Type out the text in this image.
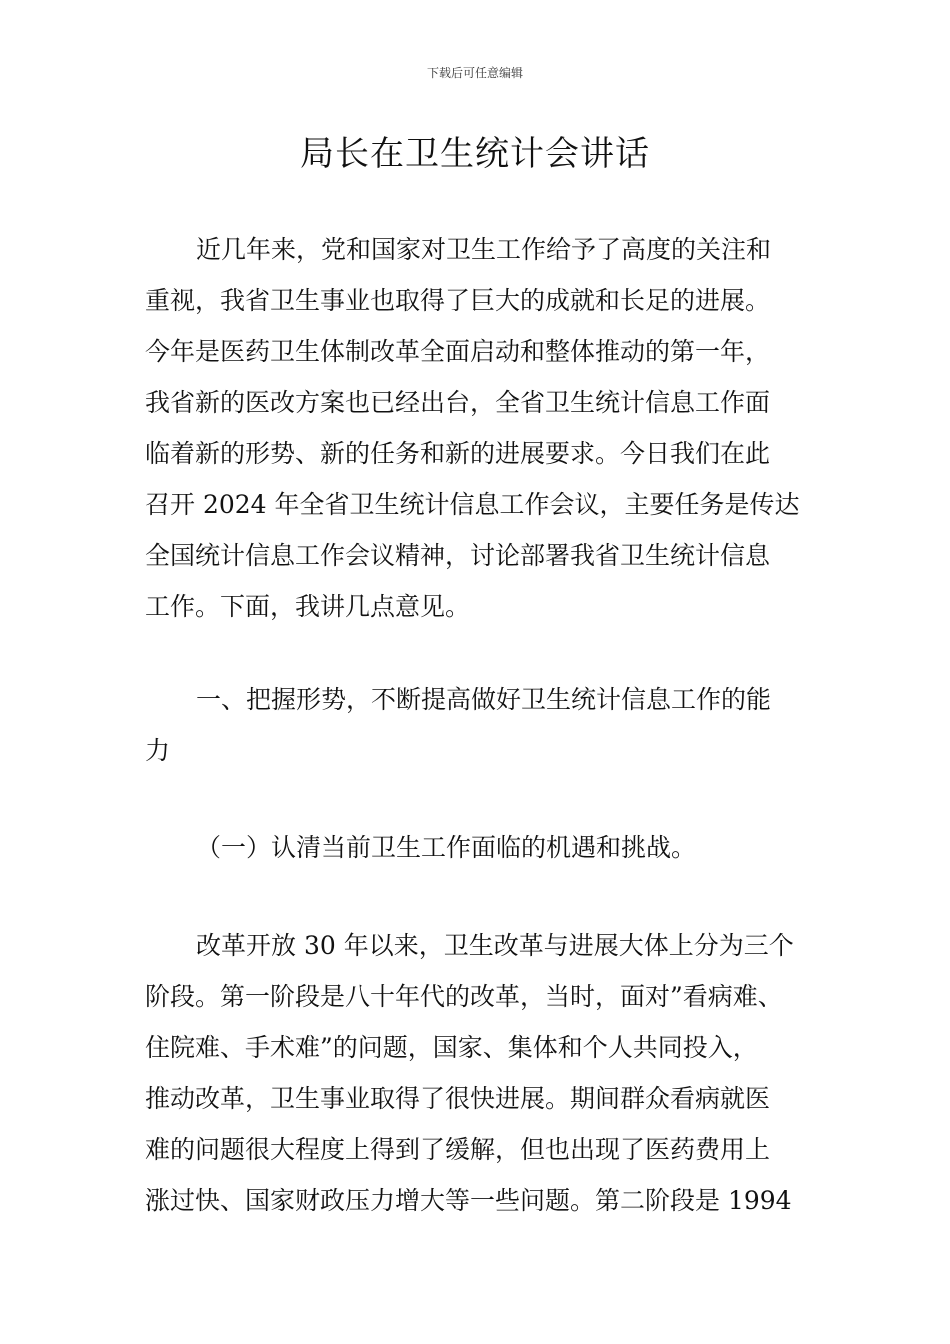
下载后可任意编辑
局长在卫生统计会讲话
近几年来，党和国家对卫生工作给予了高度的关注和
重视，我省卫生事业也取得了巨大的成就和长足的进展。
今年是医药卫生体制改革全面启动和整体推动的第一年，
我省新的医改方案也已经出台，全省卫生统计信息工作面
临着新的形势、新的任务和新的进展要求。今日我们在此
召开 2024 年全省卫生统计信息工作会议，主要任务是传达
全国统计信息工作会议精神，讨论部署我省卫生统计信息
工作。下面，我讲几点意见。
一、把握形势，不断提高做好卫生统计信息工作的能
力
（一）认清当前卫生工作面临的机遇和挑战。
改革开放 30 年以来，卫生改革与进展大体上分为三个
阶段。第一阶段是八十年代的改革，当时，面对”看病难、
住院难、手术难”的问题，国家、集体和个人共同投入，
推动改革，卫生事业取得了很快进展。期间群众看病就医
难的问题很大程度上得到了缓解，但也出现了医药费用上
涨过快、国家财政压力增大等一些问题。第二阶段是 1994
